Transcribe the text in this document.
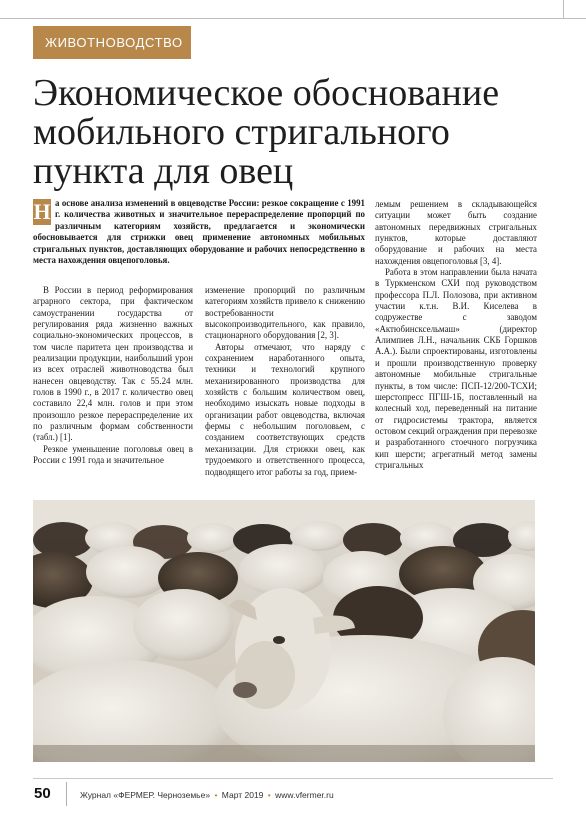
ЖИВОТНОВОДСТВО
Экономическое обоснование
мобильного стригального
пункта для овец
Н а основе анализа изменений в овцеводстве России: резкое сокращение с 1991 г. количества животных и значительное перераспределение пропорций по различным категориям хозяйств, предлагается и экономически обосновывается для стрижки овец применение автономных мобильных стригальных пунктов, доставляющих оборудование и рабочих непосредственно в места нахождения овцепоголовья.

В России в период реформирования аграрного сектора, при фактическом самоустранении государства от регулирования ряда жизненно важных социально-экономических процессов, в том числе паритета цен производства и реализации продукции, наибольший урон из всех отраслей животноводства был нанесен овцеводству. Так с 55.24 млн. голов в 1990 г., в 2017 г. количество овец составило 22,4 млн. голов и при этом произошло резкое перераспределение их по различным формам собственности (табл.) [1].

Резкое уменьшение поголовья овец в России с 1991 года и значительное

изменение пропорций по различным категориям хозяйств привело к снижению востребованности высокопроизводительного, как правило, стационарного оборудования [2, 3].

Авторы отмечают, что наряду с сохранением наработанного опыта, техники и технологий крупного механизированного производства для хозяйств с большим количеством овец, необходимо изыскать новые подходы в организации работ овцеводства, включая фермы с небольшим поголовьем, с созданием соответствующих средств механизации. Для стрижки овец, как трудоемкого и ответственного процесса, подводящего итог работы за год, прием-

лемым решением в складывающейся ситуации может быть создание автономных передвижных стригальных пунктов, которые доставляют оборудование и рабочих на места нахождения овцепоголовья [3, 4].

Работа в этом направлении была начата в Туркменском СХИ под руководством профессора П.Л. Полозова, при активном участии к.т.н. В.И. Киселева в содружестве с заводом «Актюбинсксельмаш» (директор Алимпиев Л.Н., начальник СКБ Горшков А.А.). Были спроектированы, изготовлены и прошли производственную проверку автономные мобильные стригальные пункты, в том числе: ПСП-12/200-ТСХИ; шерстопресс ПГШ-1Б, поставленный на колесный ход, переведенный на питание от гидросистемы трактора, является остовом секций ограждения при перевозке и разработанного стоечного погрузчика кип шерсти; агрегатный метод замены стригальных

50	Журнал «ФЕРМЕР. Черноземье» • Март 2019 • www.vfermer.ru
